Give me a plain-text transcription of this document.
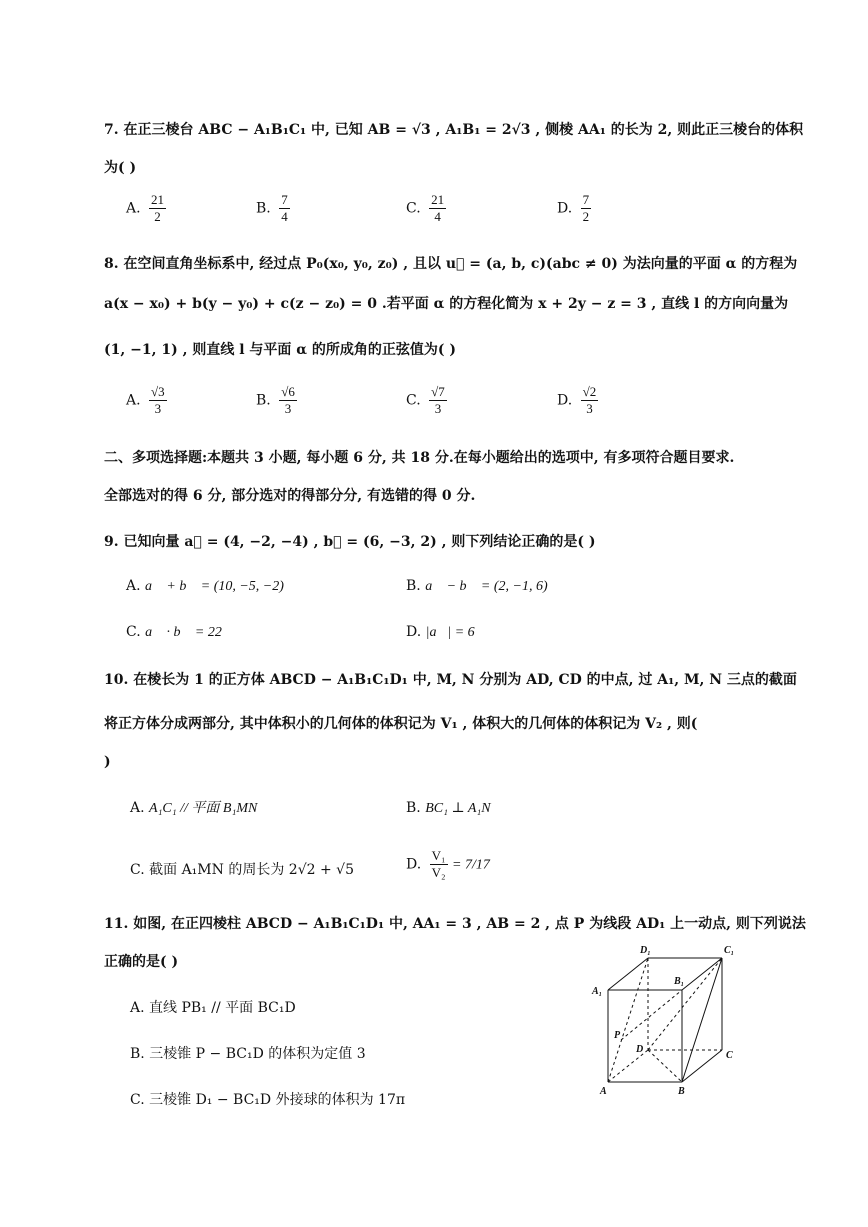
7. 在正三棱台 ABC − A₁B₁C₁ 中, 已知 AB = √3 , A₁B₁ = 2√3 , 侧棱 AA₁ 的长为 2, 则此正三棱台的体积
为( )
A. $\frac{21}{2}$	B. $\frac{7}{4}$	C. $\frac{21}{4}$	D. $\frac{7}{2}$
8. 在空间直角坐标系中, 经过点 P₀(x₀, y₀, z₀) , 且以 u⃗ = (a, b, c)(abc ≠ 0) 为法向量的平面 α 的方程为
a(x − x₀) + b(y − y₀) + c(z − z₀) = 0 .若平面 α 的方程化简为 x + 2y − z = 3 , 直线 l 的方向向量为
(1, −1, 1) , 则直线 l 与平面 α 的所成角的正弦值为( )
A. $\frac{√3}{3}$	B. $\frac{√6}{3}$	C. $\frac{√7}{3}$	D. $\frac{√2}{3}$
二、多项选择题:本题共 3 小题, 每小题 6 分, 共 18 分.在每小题给出的选项中, 有多项符合题目要求.
全部选对的得 6 分, 部分选对的得部分分, 有选错的得 0 分.
9. 已知向量 a⃗ = (4, −2, −4) , b⃗ = (6, −3, 2) , 则下列结论正确的是( )
A. a⃗ + b⃗ = (10, −5, −2)	B. a⃗ − b⃗ = (2, −1, 6)
C. a⃗ · b⃗ = 22	D. |a⃗| = 6
10. 在棱长为 1 的正方体 ABCD − A₁B₁C₁D₁ 中, M, N 分别为 AD, CD 的中点, 过 A₁, M, N 三点的截面
将正方体分成两部分, 其中体积小的几何体的体积记为 V₁ , 体积大的几何体的体积记为 V₂ , 则(
)
A. A₁C₁ // 平面 B₁MN	B. BC₁ ⊥ A₁N
C. 截面 A₁MN 的周长为 2√2 + √5	D. $\frac{\text{V₁}}{\text{V₂}} = 7/17$
11. 如图, 在正四棱柱 ABCD − A₁B₁C₁D₁ 中, AA₁ = 3 , AB = 2 , 点 P 为线段 AD₁ 上一动点, 则下列说法
正确的是( )
A. 直线 PB₁ // 平面 BC₁D
B. 三棱锥 P − BC₁D 的体积为定值 3
C. 三棱锥 D₁ − BC₁D 外接球的体积为 17π
D₁	C₁
A₁
B₁
P
D
C
A	B
